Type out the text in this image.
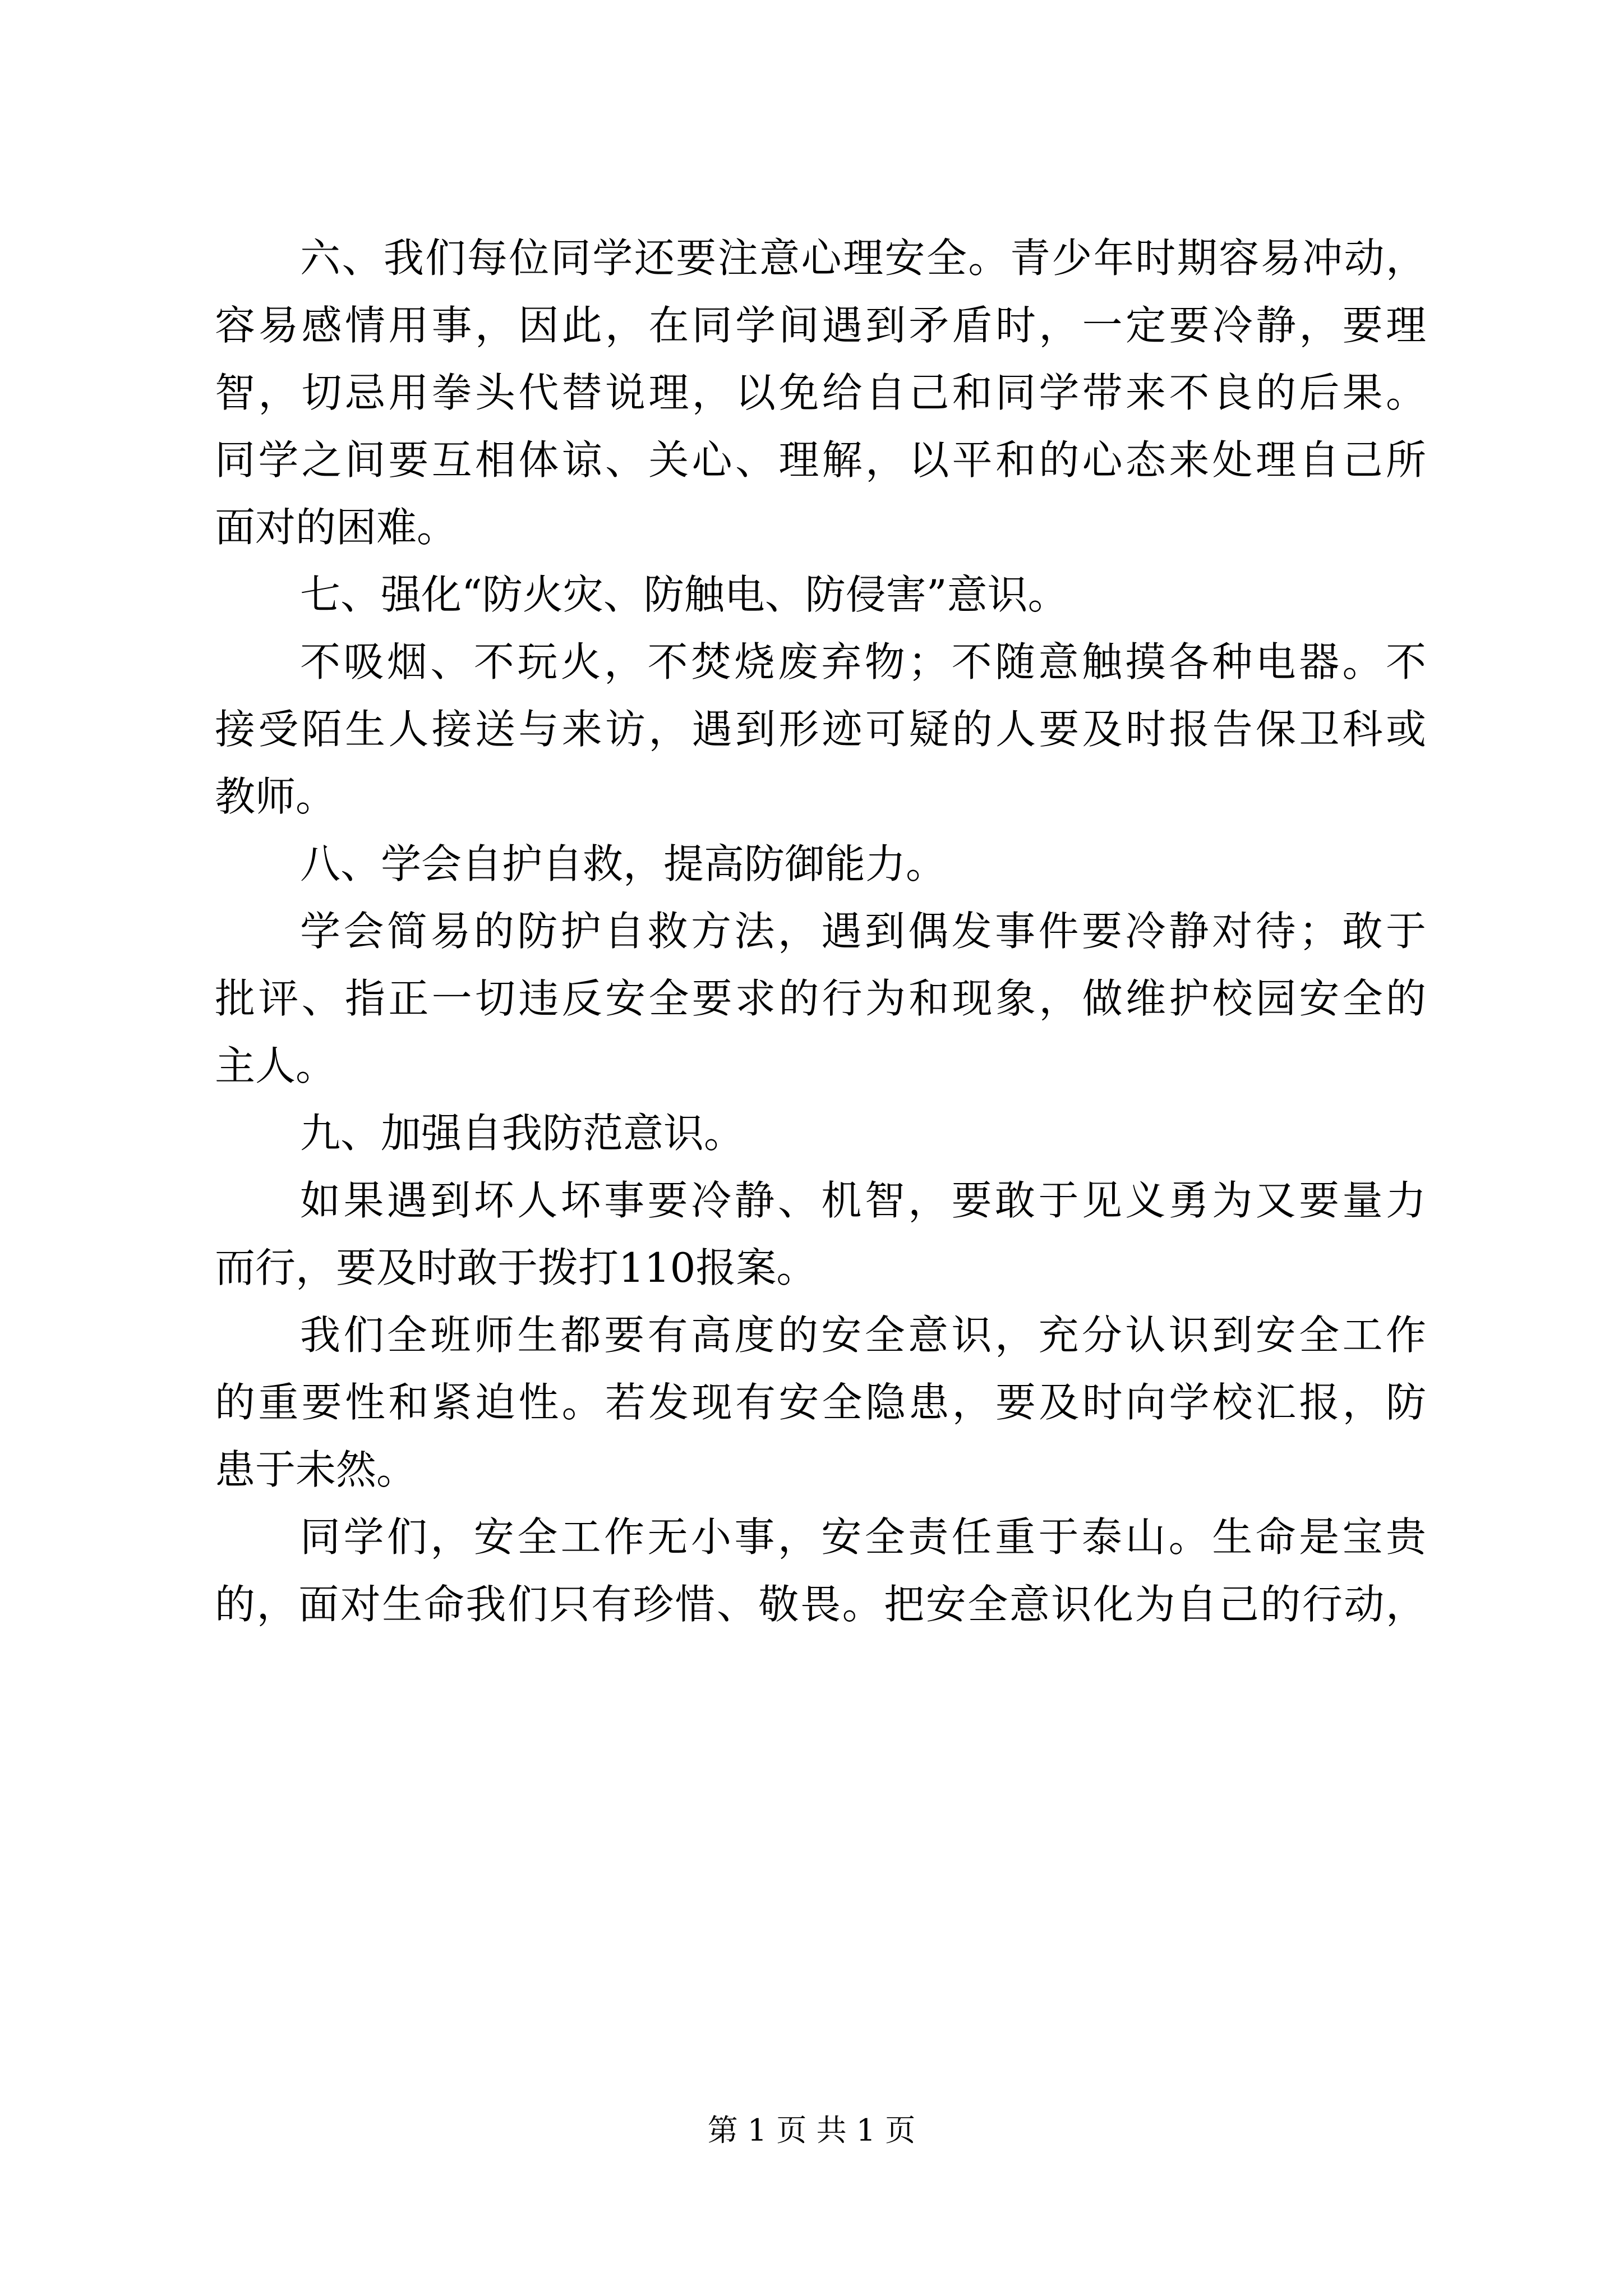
六、我们每位同学还要注意心理安全。青少年时期容易冲动，
容易感情用事，因此，在同学间遇到矛盾时，一定要冷静，要理
智，切忌用拳头代替说理，以免给自己和同学带来不良的后果。
同学之间要互相体谅、关心、理解，以平和的心态来处理自己所
面对的困难。
七、强化“防火灾、防触电、防侵害”意识。
不吸烟、不玩火，不焚烧废弃物；不随意触摸各种电器。不
接受陌生人接送与来访，遇到形迹可疑的人要及时报告保卫科或
教师。
八、学会自护自救，提高防御能力。
学会简易的防护自救方法，遇到偶发事件要冷静对待；敢于
批评、指正一切违反安全要求的行为和现象，做维护校园安全的
主人。
九、加强自我防范意识。
如果遇到坏人坏事要冷静、机智，要敢于见义勇为又要量力
而行，要及时敢于拨打110报案。
我们全班师生都要有高度的安全意识，充分认识到安全工作
的重要性和紧迫性。若发现有安全隐患，要及时向学校汇报，防
患于未然。
同学们，安全工作无小事，安全责任重于泰山。生命是宝贵
的，面对生命我们只有珍惜、敬畏。把安全意识化为自己的行动，
第 1 页 共 1 页
